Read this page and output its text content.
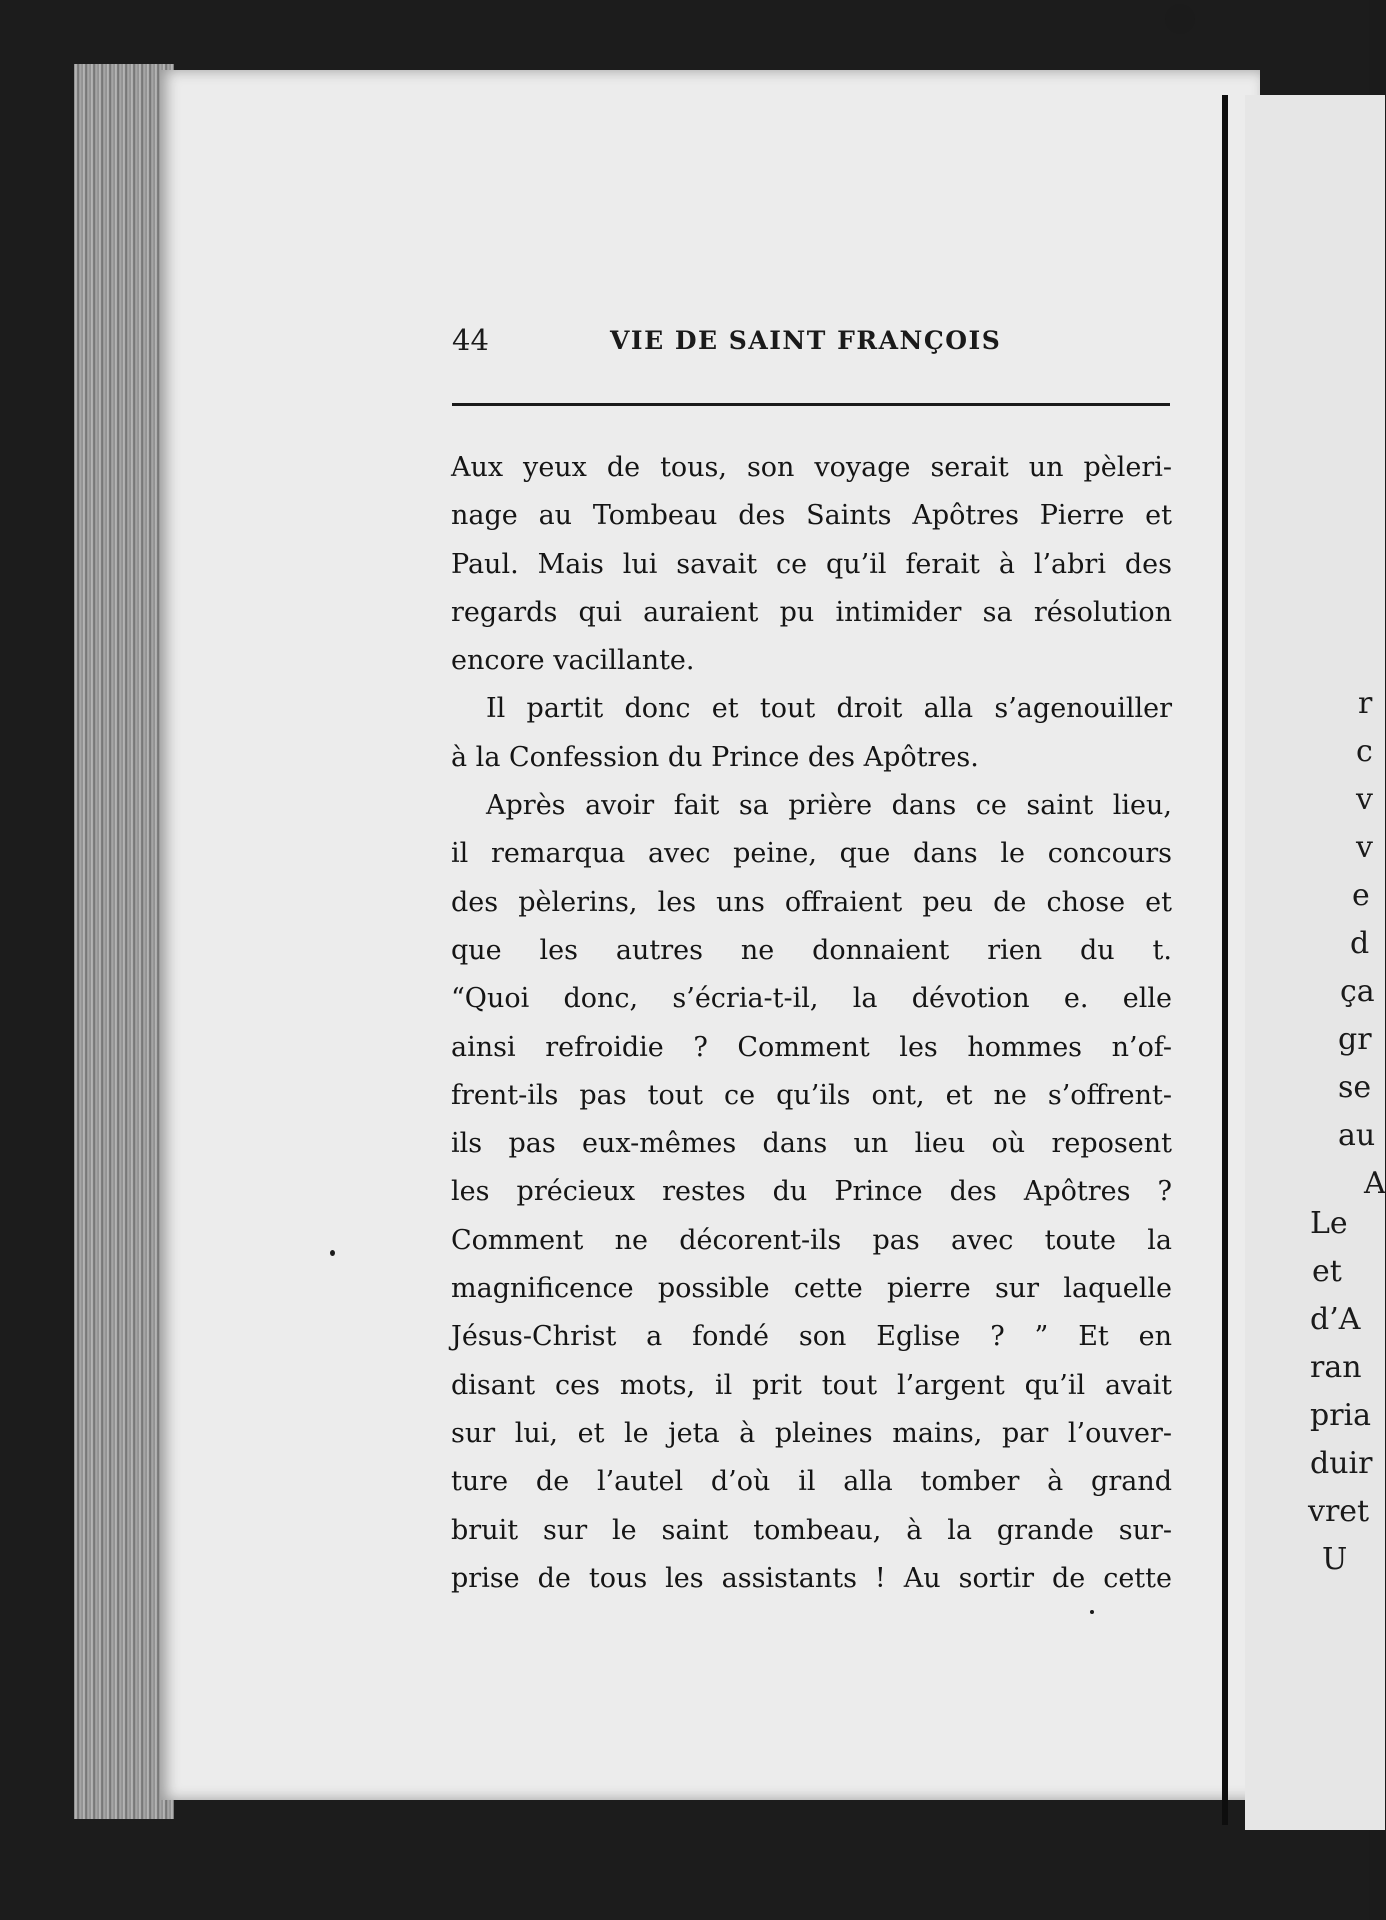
44	VIE DE SAINT FRANÇOIS
Aux yeux de tous, son voyage serait un pèleri-
nage au Tombeau des Saints Apôtres Pierre et
Paul. Mais lui savait ce qu’il ferait à l’abri des
regards qui auraient pu intimider sa résolution
encore vacillante.
Il partit donc et tout droit alla s’agenouiller
à la Confession du Prince des Apôtres.
Après avoir fait sa prière dans ce saint lieu,
il remarqua avec peine, que dans le concours
des pèlerins, les uns offraient peu de chose et
que les autres ne donnaient rien du t.
“Quoi donc, s’écria-t-il, la dévotion e. elle
ainsi refroidie ? Comment les hommes n’of-
frent-ils pas tout ce qu’ils ont, et ne s’offrent-
ils pas eux-mêmes dans un lieu où reposent
les précieux restes du Prince des Apôtres ?
Comment ne décorent-ils pas avec toute la
magnificence possible cette pierre sur laquelle
Jésus-Christ a fondé son Eglise ? ” Et en
disant ces mots, il prit tout l’argent qu’il avait
sur lui, et le jeta à pleines mains, par l’ouver-
ture de l’autel d’où il alla tomber à grand
bruit sur le saint tombeau, à la grande sur-
prise de tous les assistants ! Au sortir de cette
r
c
v
v
e
d
ça
gr
se
au
A
Le
et
d’A
ran
pria
duir
vret
U
